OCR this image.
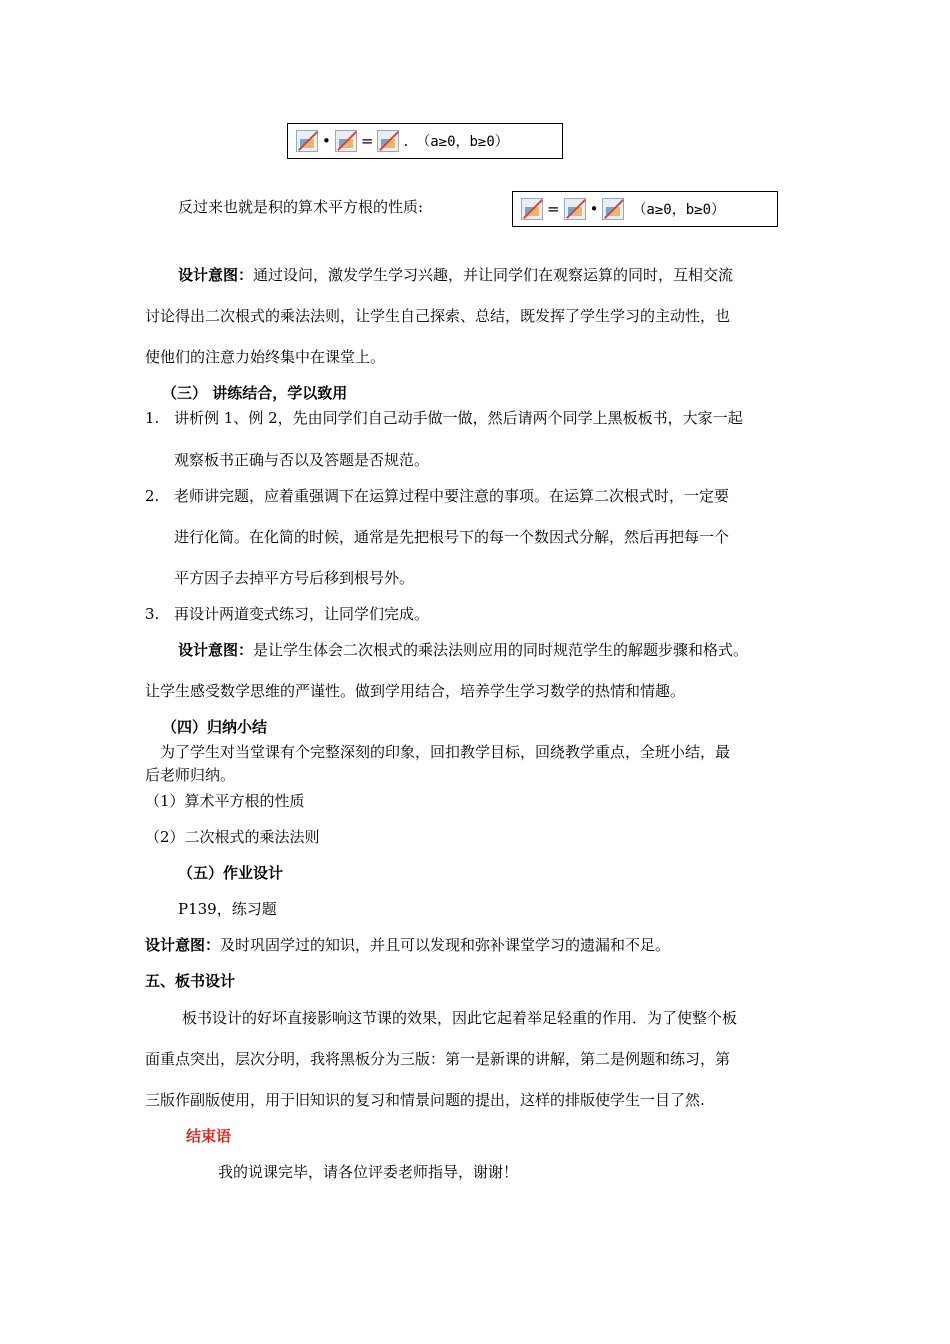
• = . （a≥0，b≥0）
反过来也就是积的算术平方根的性质:	= • （a≥0，b≥0）
设计意图：通过设问，激发学生学习兴趣，并让同学们在观察运算的同时，互相交流
讨论得出二次根式的乘法法则，让学生自己探索、总结，既发挥了学生学习的主动性，也
使他们的注意力始终集中在课堂上。
（三） 讲练结合，学以致用
1. 讲析例 1、例 2，先由同学们自己动手做一做，然后请两个同学上黑板板书，大家一起
观察板书正确与否以及答题是否规范。
2. 老师讲完题，应着重强调下在运算过程中要注意的事项。在运算二次根式时，一定要
进行化简。在化简的时候，通常是先把根号下的每一个数因式分解，然后再把每一个
平方因子去掉平方号后移到根号外。
3. 再设计两道变式练习，让同学们完成。
设计意图：是让学生体会二次根式的乘法法则应用的同时规范学生的解题步骤和格式。
让学生感受数学思维的严谨性。做到学用结合，培养学生学习数学的热情和情趣。
（四）归纳小结
为了学生对当堂课有个完整深刻的印象，回扣教学目标，回绕教学重点，全班小结，最
后老师归纳。
（1）算术平方根的性质
（2）二次根式的乘法法则
（五）作业设计
P139，练习题
设计意图：及时巩固学过的知识，并且可以发现和弥补课堂学习的遗漏和不足。
五、板书设计
板书设计的好坏直接影响这节课的效果，因此它起着举足轻重的作用．为了使整个板
面重点突出，层次分明，我将黑板分为三版：第一是新课的讲解，第二是例题和练习，第
三版作副版使用，用于旧知识的复习和情景问题的提出，这样的排版使学生一目了然.
结束语
我的说课完毕，请各位评委老师指导，谢谢！
